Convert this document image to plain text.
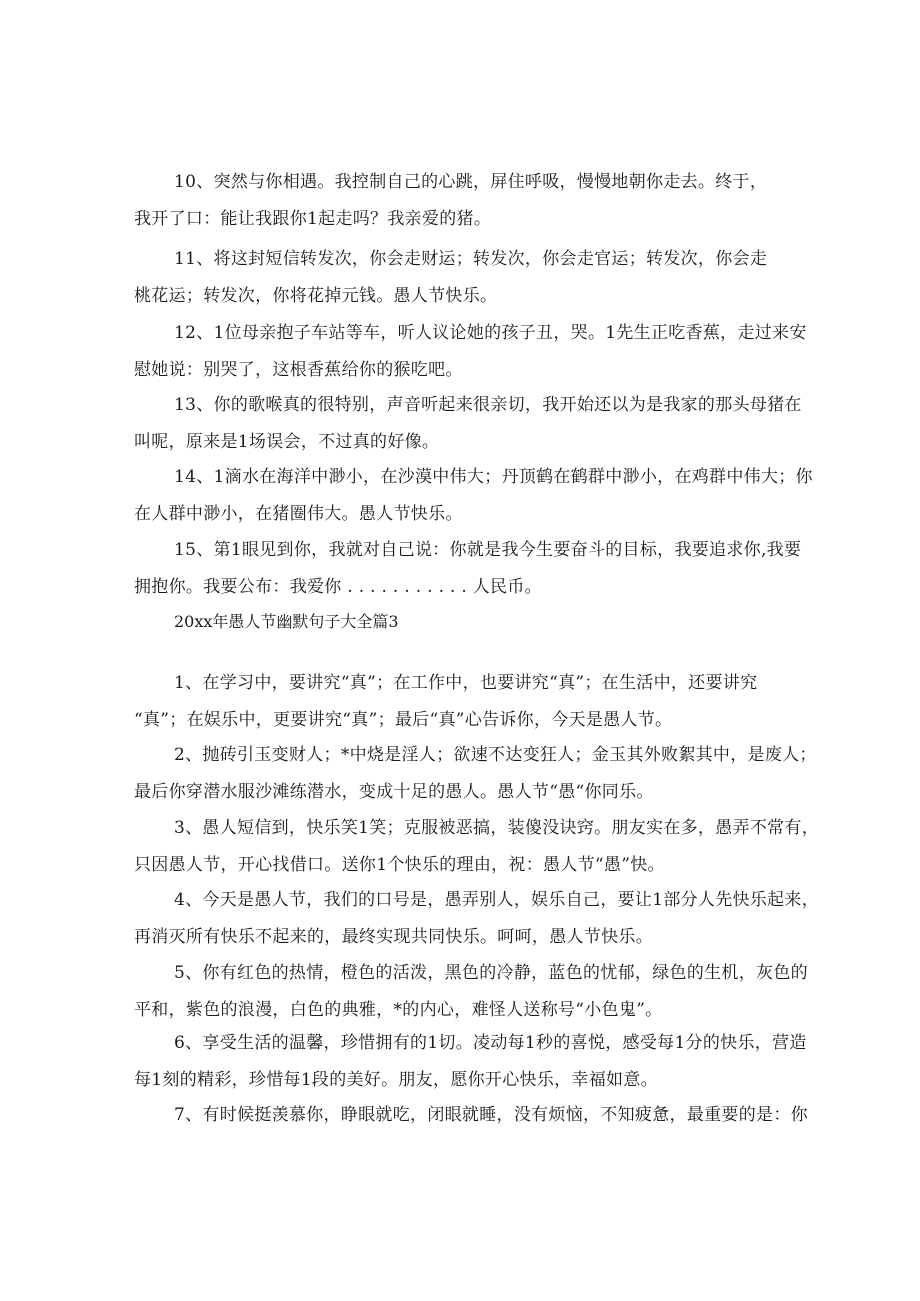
10、突然与你相遇。我控制自己的心跳，屏住呼吸，慢慢地朝你走去。终于，
我开了口：能让我跟你1起走吗？我亲爱的猪。
11、将这封短信转发次，你会走财运；转发次，你会走官运；转发次，你会走
桃花运；转发次，你将花掉元钱。愚人节快乐。
12、1位母亲抱子车站等车，听人议论她的孩子丑，哭。1先生正吃香蕉，走过来安
慰她说：别哭了，这根香蕉给你的猴吃吧。
13、你的歌喉真的很特别，声音听起来很亲切，我开始还以为是我家的那头母猪在
叫呢，原来是1场误会，不过真的好像。
14、1滴水在海洋中渺小，在沙漠中伟大；丹顶鹤在鹤群中渺小，在鸡群中伟大；你
在人群中渺小，在猪圈伟大。愚人节快乐。
15、第1眼见到你，我就对自己说：你就是我今生要奋斗的目标，我要追求你,我要
拥抱你。我要公布：我爱你 . . . . . . . . . . . 人民币。
20xx年愚人节幽默句子大全篇3
1、在学习中，要讲究“真”；在工作中，也要讲究“真”；在生活中，还要讲究
“真”；在娱乐中，更要讲究“真”；最后“真”心告诉你，今天是愚人节。
2、抛砖引玉变财人；*中烧是淫人；欲速不达变狂人；金玉其外败絮其中，是废人；
最后你穿潜水服沙滩练潜水，变成十足的愚人。愚人节“愚“你同乐。
3、愚人短信到，快乐笑1笑；克服被恶搞，装傻没诀窍。朋友实在多，愚弄不常有，
只因愚人节，开心找借口。送你1个快乐的理由，祝：愚人节“愚”快。
4、今天是愚人节，我们的口号是，愚弄别人，娱乐自己，要让1部分人先快乐起来，
再消灭所有快乐不起来的，最终实现共同快乐。呵呵，愚人节快乐。
5、你有红色的热情，橙色的活泼，黑色的冷静，蓝色的忧郁，绿色的生机，灰色的
平和，紫色的浪漫，白色的典雅，*的内心，难怪人送称号“小色鬼”。
6、享受生活的温馨，珍惜拥有的1切。凌动每1秒的喜悦，感受每1分的快乐，营造
每1刻的精彩，珍惜每1段的美好。朋友，愿你开心快乐，幸福如意。
7、有时候挺羡慕你，睁眼就吃，闭眼就睡，没有烦恼，不知疲惫，最重要的是：你
